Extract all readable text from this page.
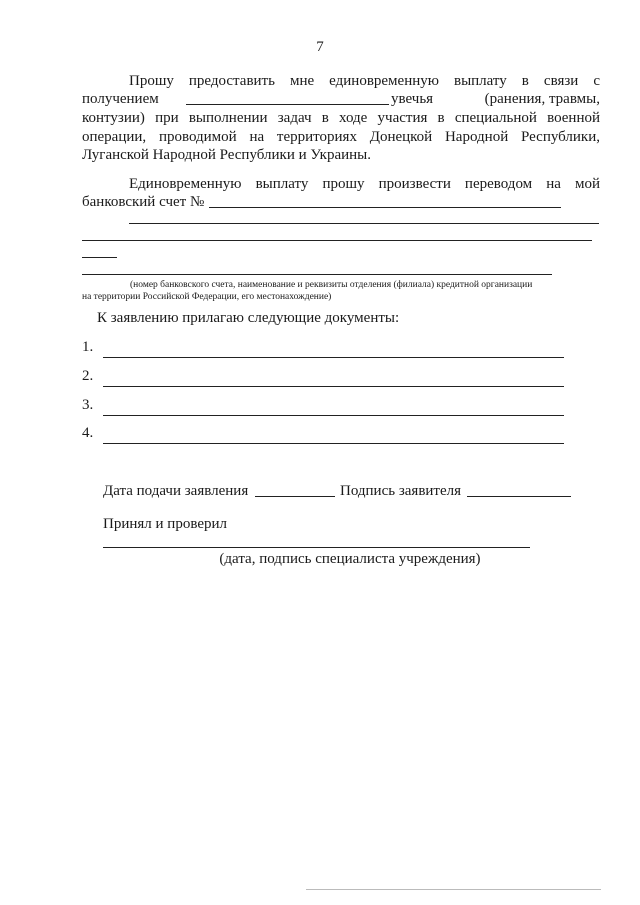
7
Прошу предоставить мне единовременную выплату в связи с
получением	увечья	(ранения, травмы,
контузии) при выполнении задач в ходе участия в специальной военной
операции, проводимой на территориях Донецкой Народной Республики,
Луганской Народной Республики и Украины.
Единовременную выплату прошу произвести переводом на мой
банковский счет №
(номер банковского счета, наименование и реквизиты отделения (филиала) кредитной организации
на территории Российской Федерации, его местонахождение)
К заявлению прилагаю следующие документы:
1.
2.
3.
4.
Дата подачи заявления	Подпись заявителя
Принял и проверил
(дата, подпись специалиста учреждения)
